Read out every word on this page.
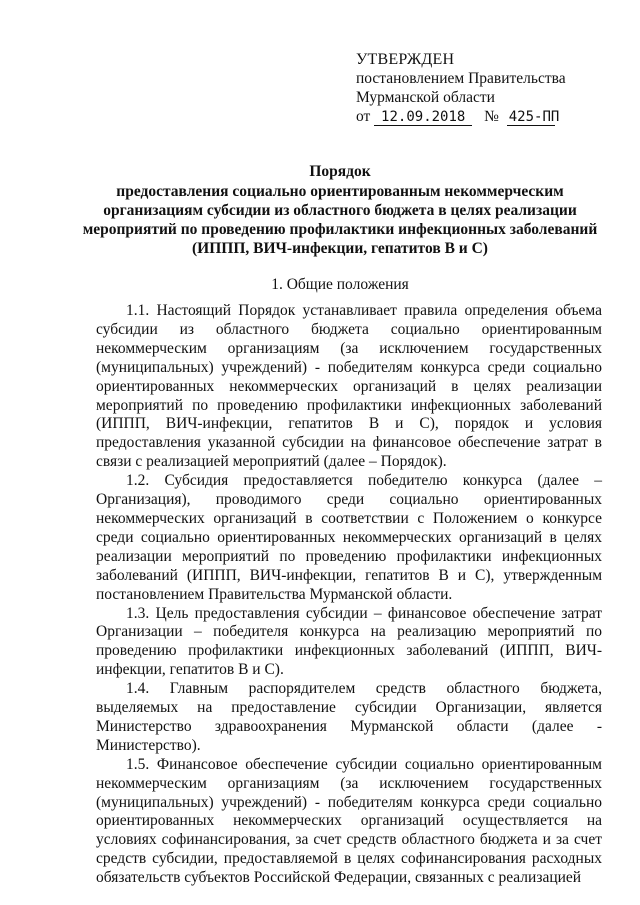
УТВЕРЖДЕН
постановлением Правительства
Мурманской области
от 12.09.2018 № 425-ПП
Порядок
предоставления социально ориентированным некоммерческим
организациям субсидии из областного бюджета в целях реализации
мероприятий по проведению профилактики инфекционных заболеваний
(ИППП, ВИЧ-инфекции, гепатитов В и С)
1. Общие положения

1.1. Настоящий Порядок устанавливает правила определения объема субсидии из областного бюджета социально ориентированным некоммерческим организациям (за исключением государственных (муниципальных) учреждений) - победителям конкурса среди социально ориентированных некоммерческих организаций в целях реализации мероприятий по проведению профилактики инфекционных заболеваний (ИППП, ВИЧ-инфекции, гепатитов В и С), порядок и условия предоставления указанной субсидии на финансовое обеспечение затрат в связи с реализацией мероприятий (далее – Порядок).

1.2. Субсидия предоставляется победителю конкурса (далее – Организация), проводимого среди социально ориентированных некоммерческих организаций в соответствии с Положением о конкурсе среди социально ориентированных некоммерческих организаций в целях реализации мероприятий по проведению профилактики инфекционных заболеваний (ИППП, ВИЧ-инфекции, гепатитов В и С), утвержденным постановлением Правительства Мурманской области.

1.3. Цель предоставления субсидии – финансовое обеспечение затрат Организации – победителя конкурса на реализацию мероприятий по проведению профилактики инфекционных заболеваний (ИППП, ВИЧ-инфекции, гепатитов В и С).

1.4. Главным распорядителем средств областного бюджета, выделяемых на предоставление субсидии Организации, является Министерство здравоохранения Мурманской области (далее - Министерство).

1.5. Финансовое обеспечение субсидии социально ориентированным некоммерческим организациям (за исключением государственных (муниципальных) учреждений) - победителям конкурса среди социально ориентированных некоммерческих организаций осуществляется на условиях софинансирования, за счет средств областного бюджета и за счет средств субсидии, предоставляемой в целях софинансирования расходных обязательств субъектов Российской Федерации, связанных с реализацией
